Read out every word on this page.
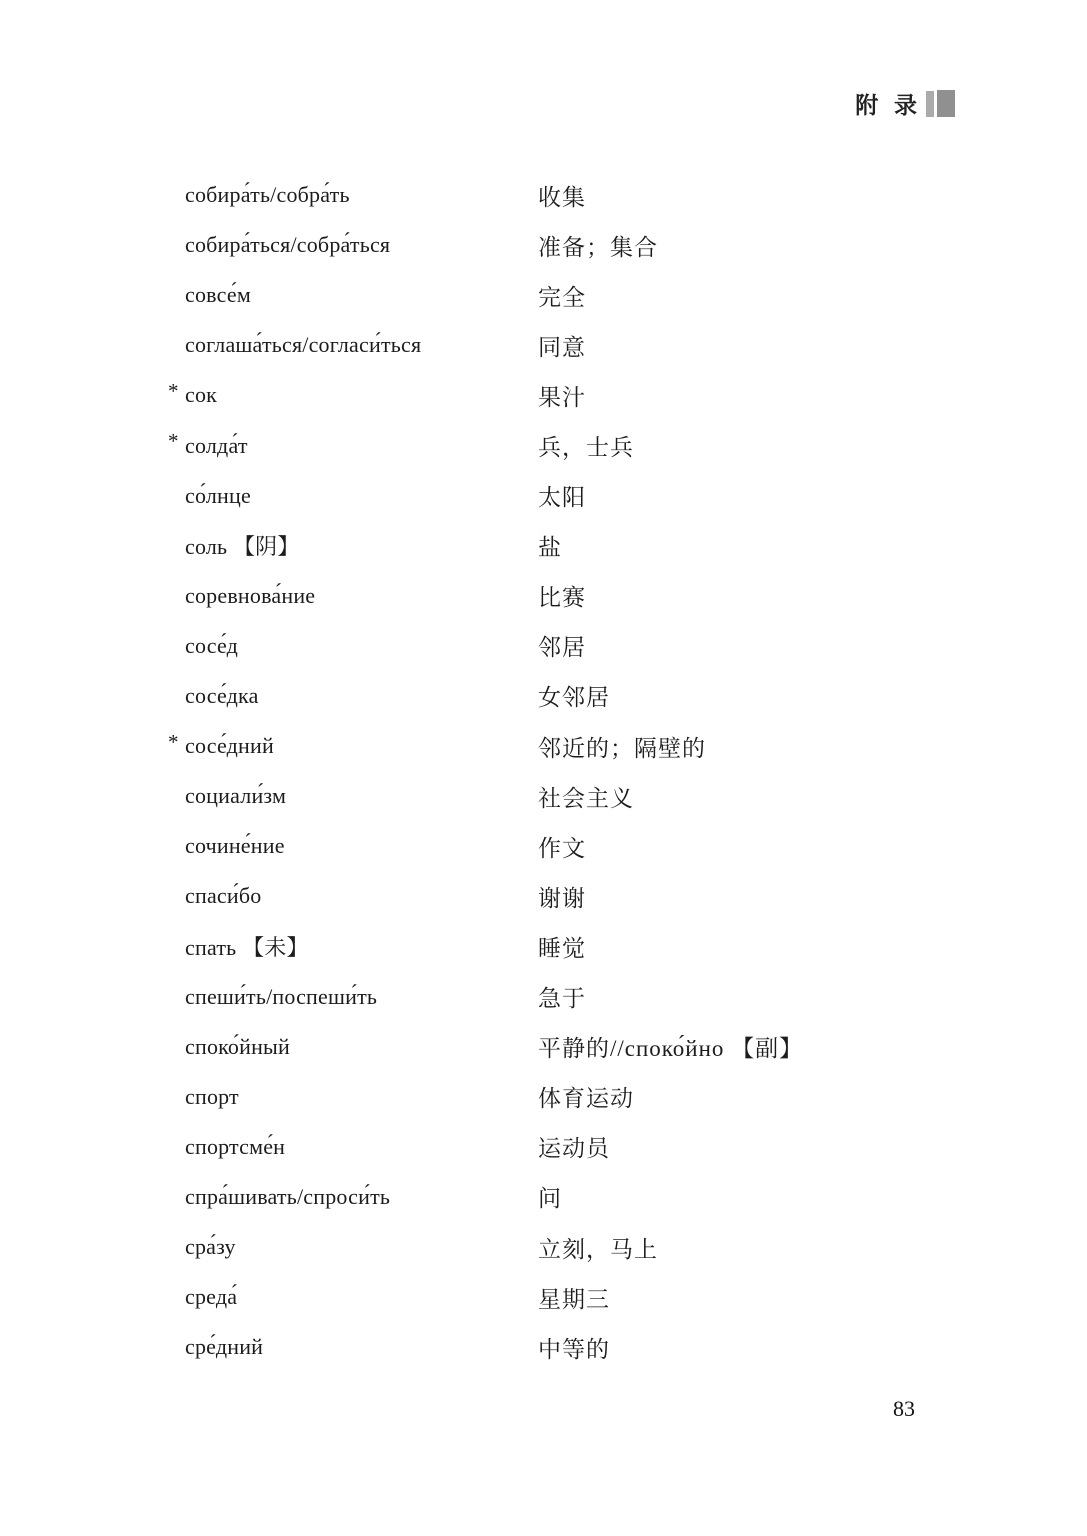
附  录
собира́ть/собра́ть	收集
собира́ться/собра́ться	准备；集合
совсе́м	完全
соглаша́ться/согласи́ться	同意
* сок	果汁
* солда́т	兵，士兵
со́лнце	太阳
соль 【阴】	盐
соревнова́ние	比赛
сосе́д	邻居
сосе́дка	女邻居
* сосе́дний	邻近的；隔壁的
социали́зм	社会主义
сочине́ние	作文
спаси́бо	谢谢
спать 【未】	睡觉
спеши́ть/поспеши́ть	急于
споко́йный	平静的//споко́йно 【副】
спорт	体育运动
спортсме́н	运动员
спра́шивать/спроси́ть	问
сра́зу	立刻，马上
среда́	星期三
сре́дний	中等的
83
